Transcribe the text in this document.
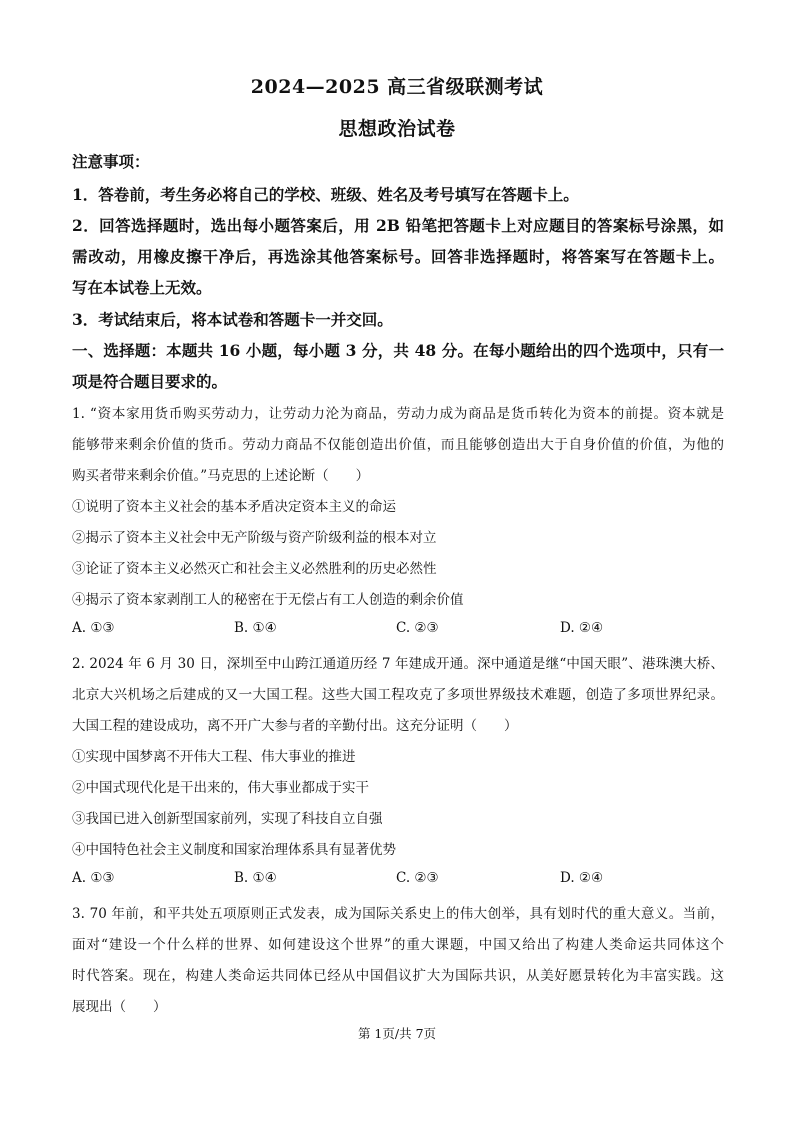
2024—2025 高三省级联测考试
思想政治试卷
注意事项：
1．答卷前，考生务必将自己的学校、班级、姓名及考号填写在答题卡上。
2．回答选择题时，选出每小题答案后，用 2B 铅笔把答题卡上对应题目的答案标号涂黑，如
需改动，用橡皮擦干净后，再选涂其他答案标号。回答非选择题时，将答案写在答题卡上。
写在本试卷上无效。
3．考试结束后，将本试卷和答题卡一并交回。
一、选择题：本题共 16 小题，每小题 3 分，共 48 分。在每小题给出的四个选项中，只有一
项是符合题目要求的。
1. “资本家用货币购买劳动力，让劳动力沦为商品，劳动力成为商品是货币转化为资本的前提。资本就是
能够带来剩余价值的货币。劳动力商品不仅能创造出价值，而且能够创造出大于自身价值的价值，为他的
购买者带来剩余价值。”马克思的上述论断（　　）
①说明了资本主义社会的基本矛盾决定资本主义的命运
②揭示了资本主义社会中无产阶级与资产阶级利益的根本对立
③论证了资本主义必然灭亡和社会主义必然胜利的历史必然性
④揭示了资本家剥削工人的秘密在于无偿占有工人创造的剩余价值
A. ①③	B. ①④	C. ②③	D. ②④
2. 2024 年 6 月 30 日，深圳至中山跨江通道历经 7 年建成开通。深中通道是继“中国天眼”、港珠澳大桥、
北京大兴机场之后建成的又一大国工程。这些大国工程攻克了多项世界级技术难题，创造了多项世界纪录。
大国工程的建设成功，离不开广大参与者的辛勤付出。这充分证明（　　）
①实现中国梦离不开伟大工程、伟大事业的推进
②中国式现代化是干出来的，伟大事业都成于实干
③我国已进入创新型国家前列，实现了科技自立自强
④中国特色社会主义制度和国家治理体系具有显著优势
A. ①③	B. ①④	C. ②③	D. ②④
3. 70 年前，和平共处五项原则正式发表，成为国际关系史上的伟大创举，具有划时代的重大意义。当前，
面对“建设一个什么样的世界、如何建设这个世界”的重大课题，中国又给出了构建人类命运共同体这个
时代答案。现在，构建人类命运共同体已经从中国倡议扩大为国际共识，从美好愿景转化为丰富实践。这
展现出（　　）
第 1页/共 7页
